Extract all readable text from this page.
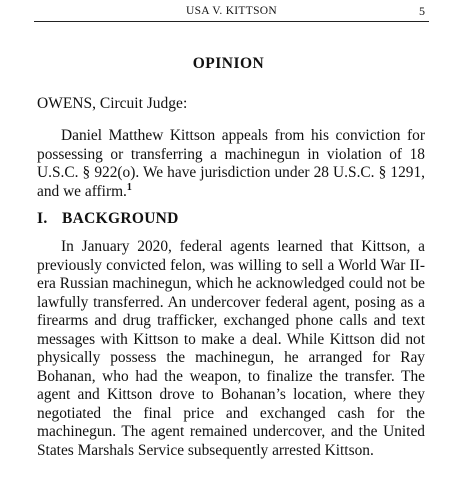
USA V. KITTSON	5
OPINION
OWENS, Circuit Judge:

Daniel Matthew Kittson appeals from his conviction for possessing or transferring a machinegun in violation of 18 U.S.C. § 922(o). We have jurisdiction under 28 U.S.C. § 1291, and we affirm.$^1$

I. BACKGROUND

In January 2020, federal agents learned that Kittson, a previously convicted felon, was willing to sell a World War II-era Russian machinegun, which he acknowledged could not be lawfully transferred. An undercover federal agent, posing as a firearms and drug trafficker, exchanged phone calls and text messages with Kittson to make a deal. While Kittson did not physically possess the machinegun, he arranged for Ray Bohanan, who had the weapon, to finalize the transfer. The agent and Kittson drove to Bohanan’s location, where they negotiated the final price and exchanged cash for the machinegun. The agent remained undercover, and the United States Marshals Service subsequently arrested Kittson.
